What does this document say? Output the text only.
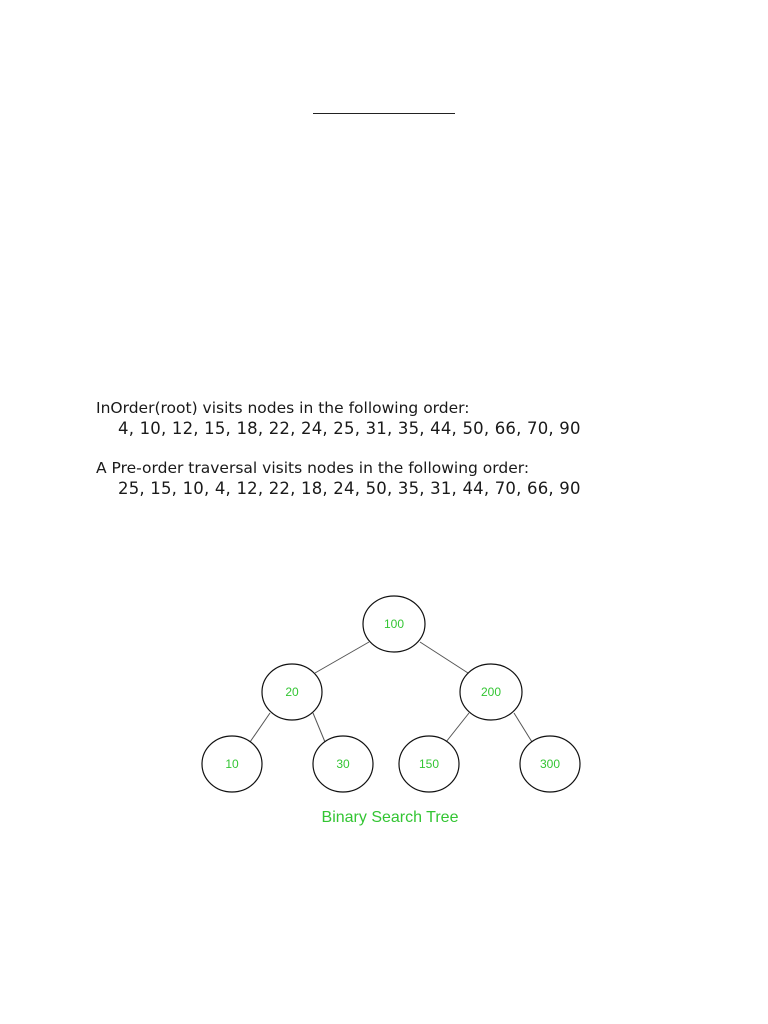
InOrder(root) visits nodes in the following order:
4, 10, 12, 15, 18, 22, 24, 25, 31, 35, 44, 50, 66, 70, 90
A Pre-order traversal visits nodes in the following order:
25, 15, 10, 4, 12, 22, 18, 24, 50, 35, 31, 44, 70, 66, 90
100
20	200
10	30	150	300
Binary Search Tree
